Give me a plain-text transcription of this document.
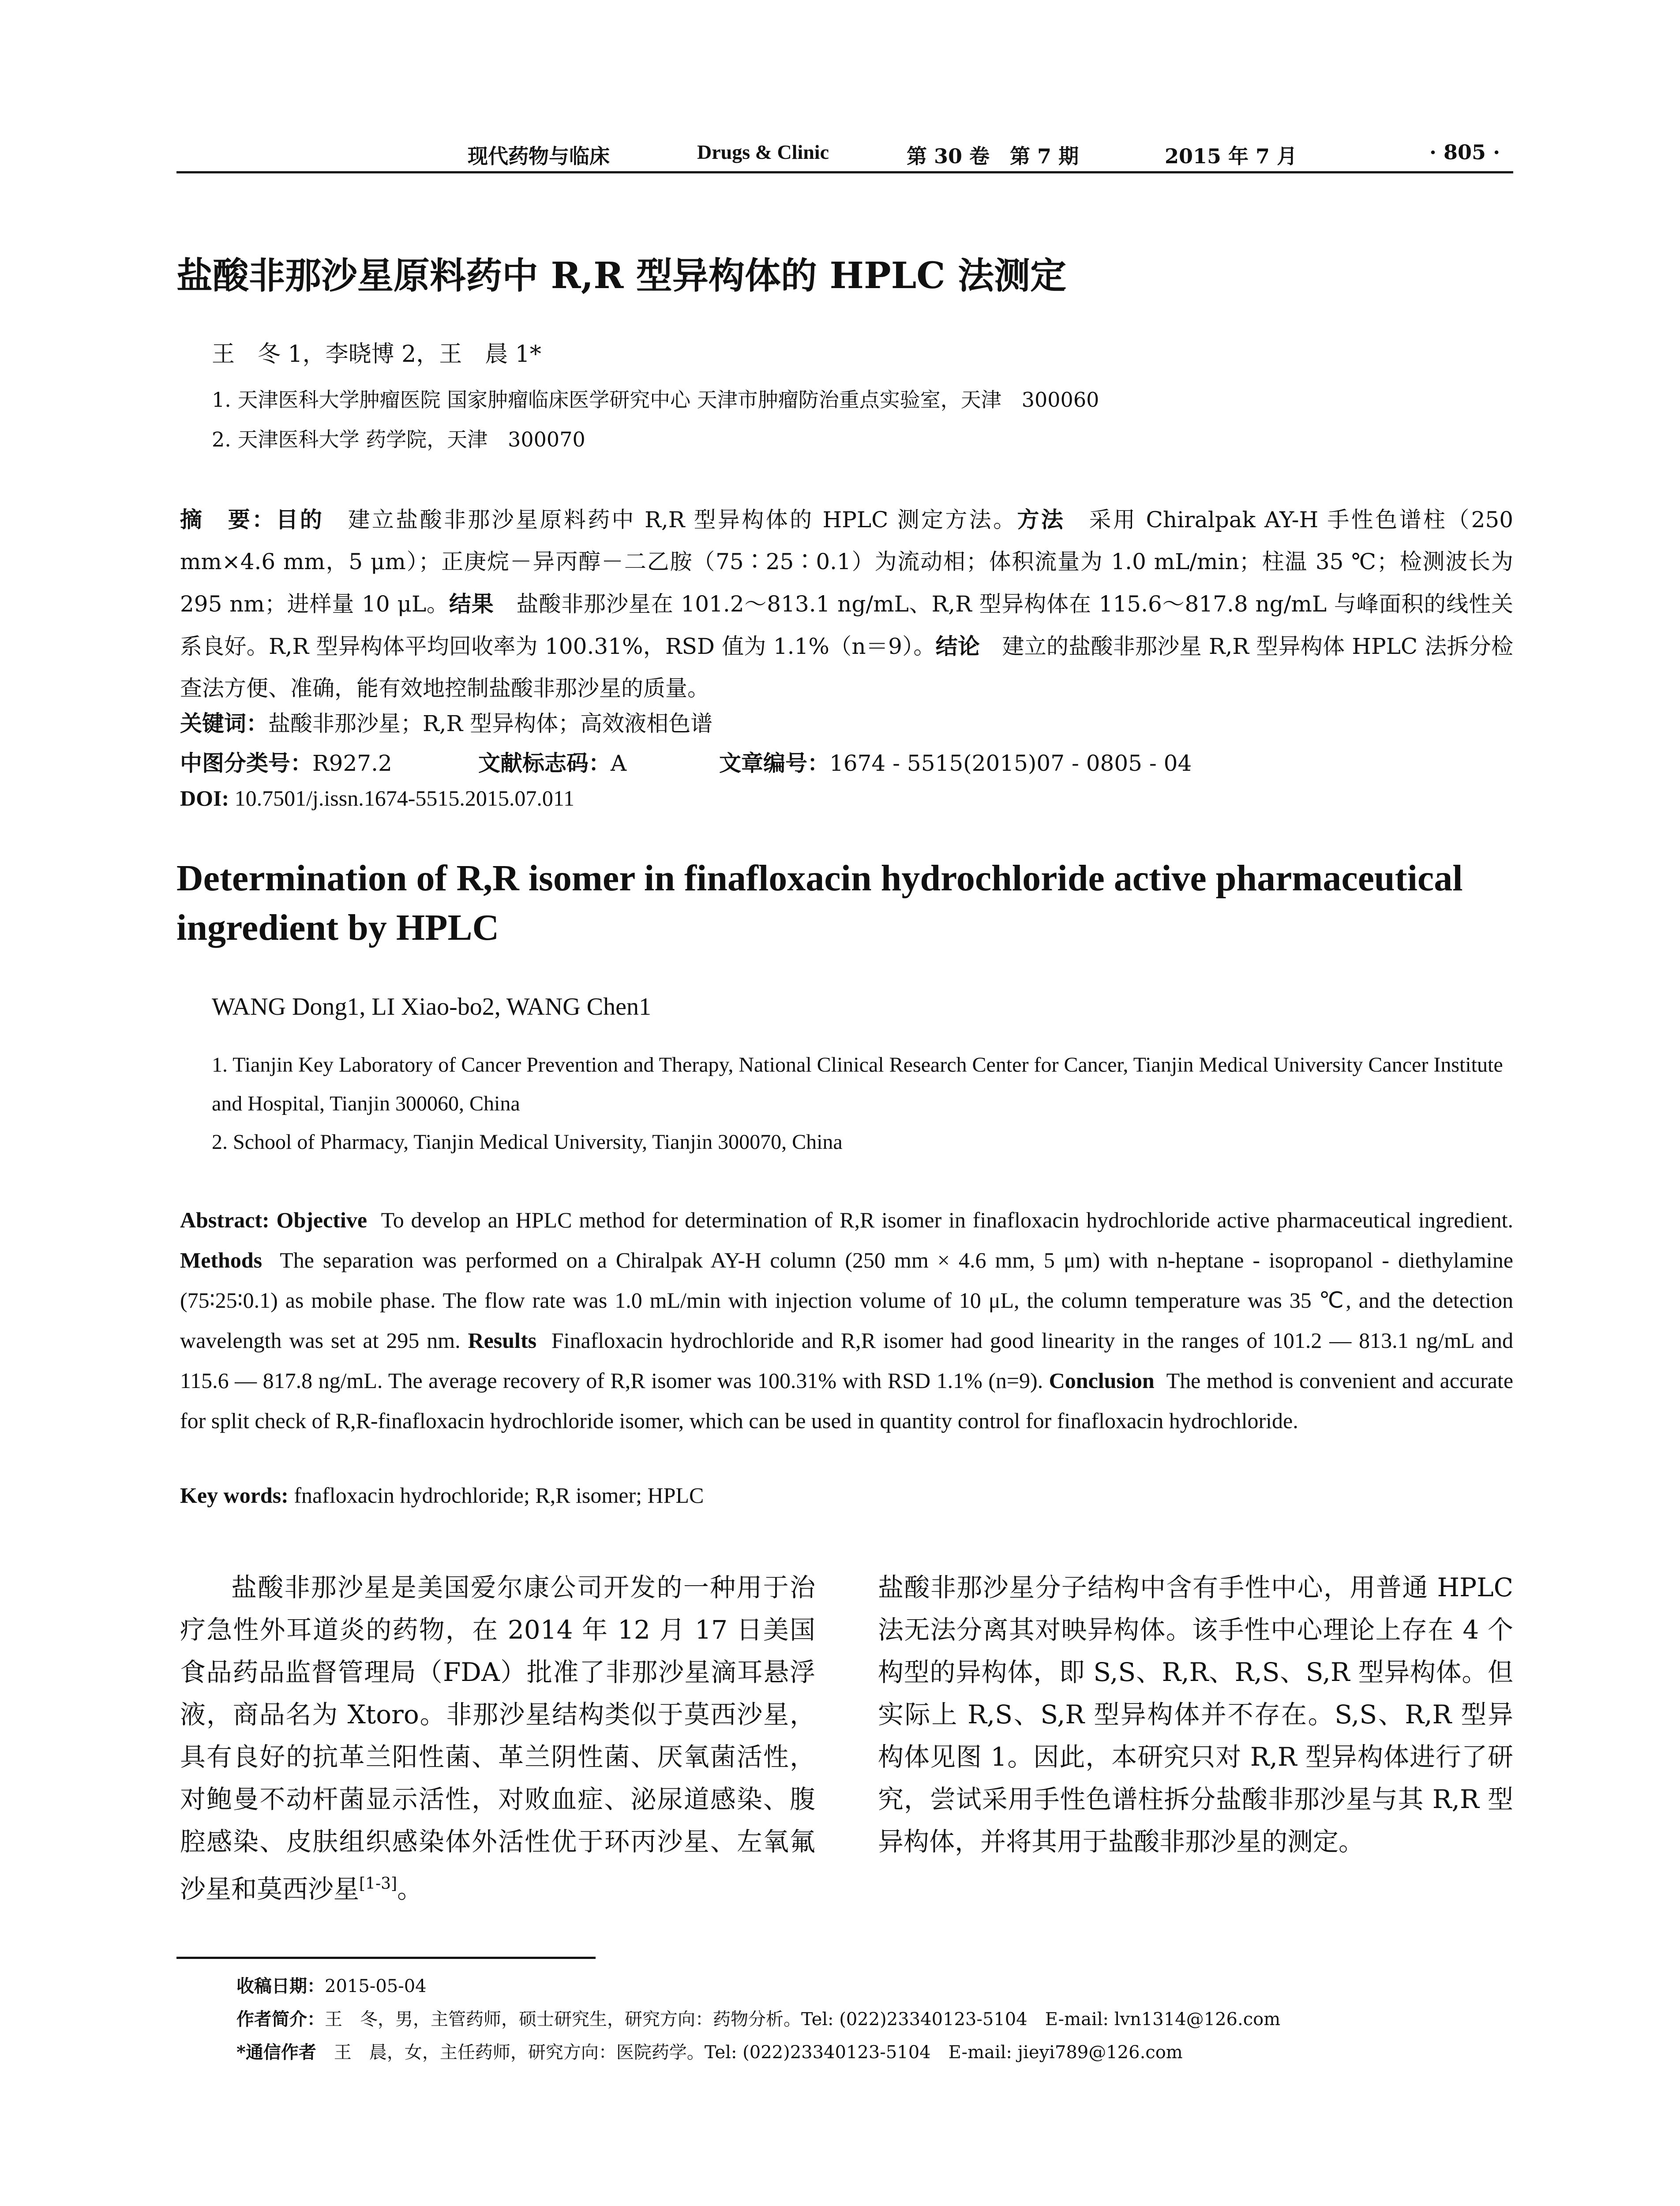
现代药物与临床	Drugs & Clinic	第 30 卷　第 7 期	2015 年 7 月	· 805 ·
盐酸非那沙星原料药中 R,R 型异构体的 HPLC 法测定
王　冬 1，李晓博 2，王　晨 1*
1. 天津医科大学肿瘤医院 国家肿瘤临床医学研究中心 天津市肿瘤防治重点实验室，天津　300060
2. 天津医科大学 药学院，天津　300070
摘　要：目的　 建立盐酸非那沙星原料药中 R,R 型异构体的 HPLC 测定方法。方法　 采用 Chiralpak AY-H 手性色谱柱（250 mm×4.6 mm，5 μm）；正庚烷－异丙醇－二乙胺（75∶25∶0.1）为流动相；体积流量为 1.0 mL/min；柱温 35 ℃；检测波长为 295 nm；进样量 10 μL。结果　 盐酸非那沙星在 101.2～813.1 ng/mL、R,R 型异构体在 115.6～817.8 ng/mL 与峰面积的线性关系良好。R,R 型异构体平均回收率为 100.31%，RSD 值为 1.1%（n＝9）。结论　 建立的盐酸非那沙星 R,R 型异构体 HPLC 法拆分检查法方便、准确，能有效地控制盐酸非那沙星的质量。
关键词：盐酸非那沙星；R,R 型异构体；高效液相色谱
中图分类号：R927.2	文献标志码：A	文章编号：1674 - 5515(2015)07 - 0805 - 04
DOI: 10.7501/j.issn.1674-5515.2015.07.011
Determination of R,R isomer in finafloxacin hydrochloride active pharmaceutical ingredient by HPLC
WANG Dong1, LI Xiao-bo2, WANG Chen1
1. Tianjin Key Laboratory of Cancer Prevention and Therapy, National Clinical Research Center for Cancer, Tianjin Medical University Cancer Institute and Hospital, Tianjin 300060, China
2. School of Pharmacy, Tianjin Medical University, Tianjin 300070, China
Abstract: Objective To develop an HPLC method for determination of R,R isomer in finafloxacin hydrochloride active pharmaceutical ingredient. Methods The separation was performed on a Chiralpak AY-H column (250 mm × 4.6 mm, 5 μm) with n-heptane - isopropanol - diethylamine (75∶25∶0.1) as mobile phase. The flow rate was 1.0 mL/min with injection volume of 10 μL, the column temperature was 35 ℃, and the detection wavelength was set at 295 nm. Results Finafloxacin hydrochloride and R,R isomer had good linearity in the ranges of 101.2 — 813.1 ng/mL and 115.6 — 817.8 ng/mL. The average recovery of R,R isomer was 100.31% with RSD 1.1% (n=9). Conclusion The method is convenient and accurate for split check of R,R-finafloxacin hydrochloride isomer, which can be used in quantity control for finafloxacin hydrochloride.
Key words: fnafloxacin hydrochloride; R,R isomer; HPLC
盐酸非那沙星是美国爱尔康公司开发的一种用于治疗急性外耳道炎的药物，在 2014 年 12 月 17 日美国食品药品监督管理局（FDA）批准了非那沙星滴耳悬浮液，商品名为 Xtoro。非那沙星结构类似于莫西沙星，具有良好的抗革兰阳性菌、革兰阴性菌、厌氧菌活性，对鲍曼不动杆菌显示活性，对败血症、泌尿道感染、腹腔感染、皮肤组织感染体外活性优于环丙沙星、左氧氟沙星和莫西沙星[1-3]。
盐酸非那沙星分子结构中含有手性中心，用普通 HPLC 法无法分离其对映异构体。该手性中心理论上存在 4 个构型的异构体，即 S,S、R,R、R,S、S,R 型异构体。但实际上 R,S、S,R 型异构体并不存在。S,S、R,R 型异构体见图 1。因此，本研究只对 R,R 型异构体进行了研究，尝试采用手性色谱柱拆分盐酸非那沙星与其 R,R 型异构体，并将其用于盐酸非那沙星的测定。
收稿日期：2015-05-04
作者简介：王　冬，男，主管药师，硕士研究生，研究方向：药物分析。Tel: (022)23340123-5104　E-mail: lvn1314@126.com
*通信作者　 王　晨，女，主任药师，研究方向：医院药学。Tel: (022)23340123-5104　E-mail: jieyi789@126.com
